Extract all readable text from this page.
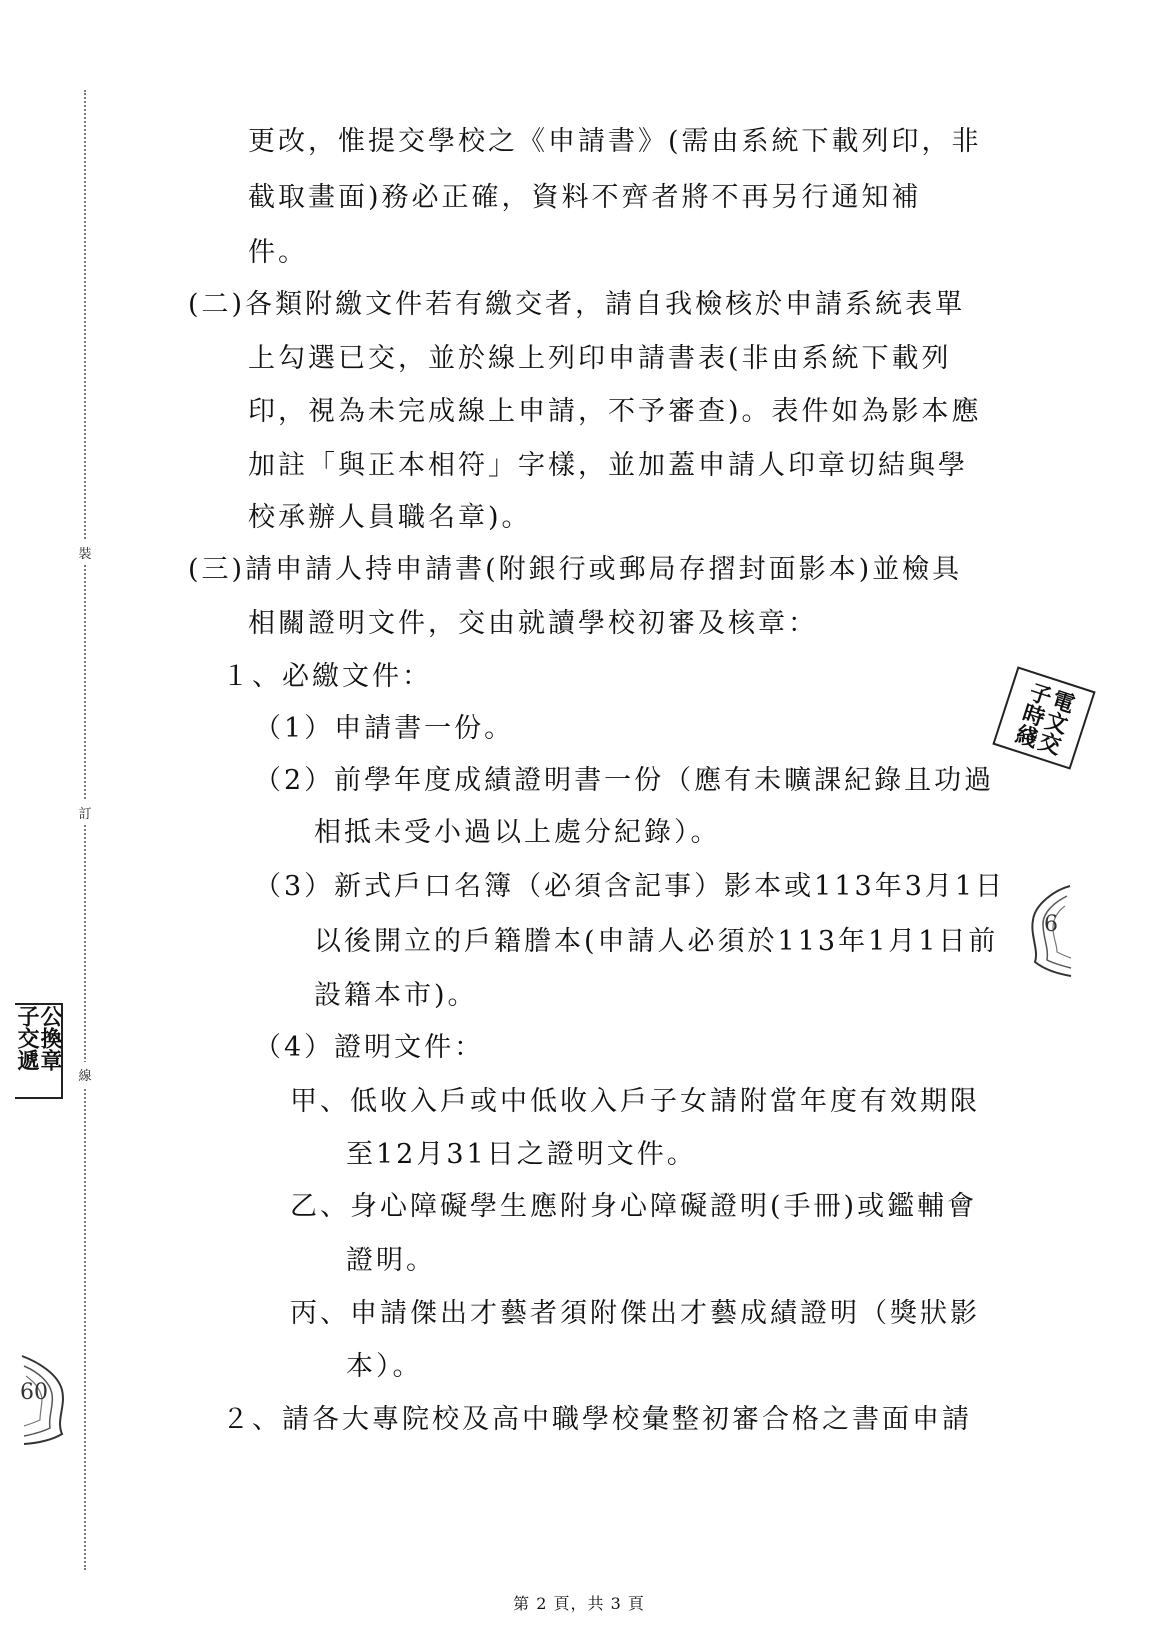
裝
訂
線
更改，惟提交學校之《申請書》(需由系統下載列印，非
截取畫面)務必正確，資料不齊者將不再另行通知補
件。
(二)各類附繳文件若有繳交者，請自我檢核於申請系統表單
上勾選已交，並於線上列印申請書表(非由系統下載列
印，視為未完成線上申請，不予審查)。表件如為影本應
加註「與正本相符」字樣，並加蓋申請人印章切結與學
校承辦人員職名章)。
(三)請申請人持申請書(附銀行或郵局存摺封面影本)並檢具
相關證明文件，交由就讀學校初審及核章：
１、必繳文件：
（1）申請書一份。
（2）前學年度成績證明書一份（應有未曠課紀錄且功過
相抵未受小過以上處分紀錄）。
（3）新式戶口名簿（必須含記事）影本或113年3月1日
以後開立的戶籍謄本(申請人必須於113年1月1日前
設籍本市)。
（4）證明文件：
甲、低收入戶或中低收入戶子女請附當年度有效期限
至12月31日之證明文件。
乙、身心障礙學生應附身心障礙證明(手冊)或鑑輔會
證明。
丙、申請傑出才藝者須附傑出才藝成績證明（獎狀影
本）。
２、請各大專院校及高中職學校彙整初審合格之書面申請
電文交 子時綫
公換章 子交遞
6
60
第 2 頁，共 3 頁
